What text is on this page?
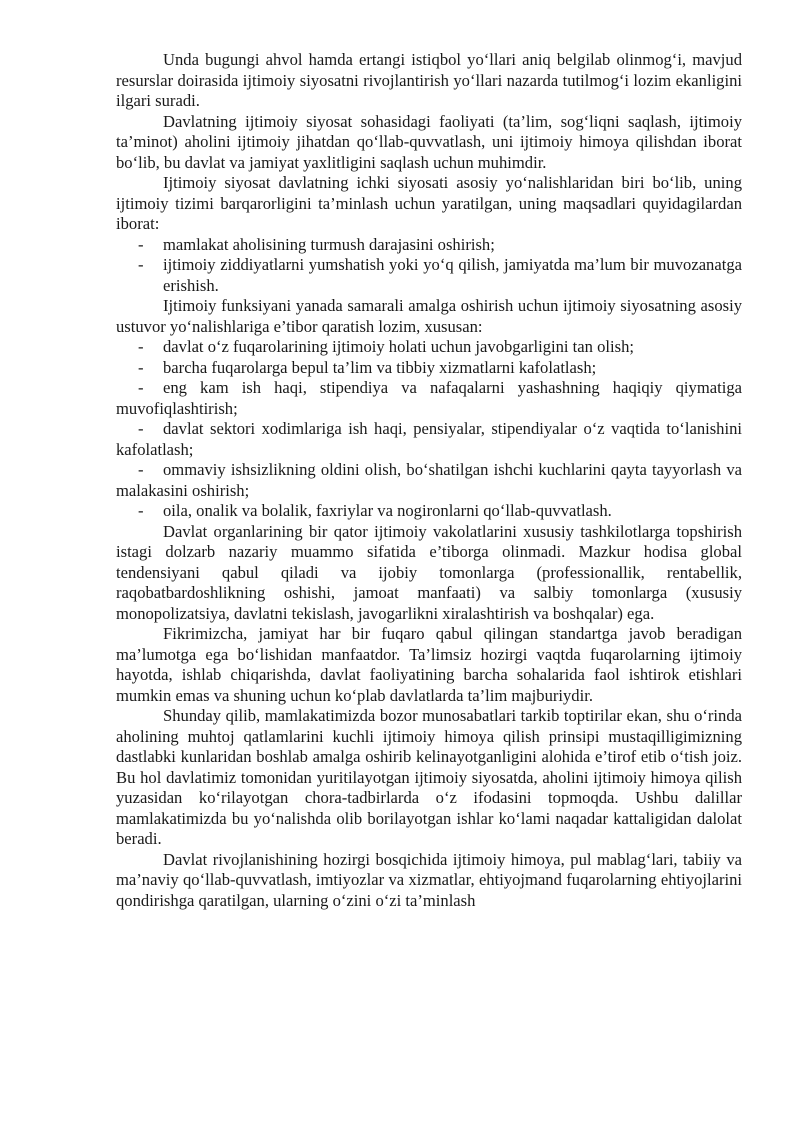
Unda bugungi ahvol hamda ertangi istiqbol yo‘llari aniq belgilab olinmog‘i, mavjud resurslar doirasida ijtimoiy siyosatni rivojlantirish yo‘llari nazarda tutilmog‘i lozim ekanligini ilgari suradi.

Davlatning ijtimoiy siyosat sohasidagi faoliyati (ta’lim, sog‘liqni saqlash, ijtimoiy ta’minot) aholini ijtimoiy jihatdan qo‘llab-quvvatlash, uni ijtimoiy himoya qilishdan iborat bo‘lib, bu davlat va jamiyat yaxlitligini saqlash uchun muhimdir.

Ijtimoiy siyosat davlatning ichki siyosati asosiy yo‘nalishlaridan biri bo‘lib, uning ijtimoiy tizimi barqarorligini ta’minlash uchun yaratilgan, uning maqsadlari quyidagilardan iborat:

- mamlakat aholisining turmush darajasini oshirish;
- ijtimoiy ziddiyatlarni yumshatish yoki yo‘q qilish, jamiyatda ma’lum bir muvozanatga erishish.

Ijtimoiy funksiyani yanada samarali amalga oshirish uchun ijtimoiy siyosatning asosiy ustuvor yo‘nalishlariga e’tibor qaratish lozim, xususan:

- davlat o‘z fuqarolarining ijtimoiy holati uchun javobgarligini tan olish;
- barcha fuqarolarga bepul ta’lim va tibbiy xizmatlarni kafolatlash;

- eng kam ish haqi, stipendiya va nafaqalarni yashashning haqiqiy qiymatiga muvofiqlashtirish;

- davlat sektori xodimlariga ish haqi, pensiyalar, stipendiyalar o‘z vaqtida to‘lanishini kafolatlash;

- ommaviy ishsizlikning oldini olish, bo‘shatilgan ishchi kuchlarini qayta tayyorlash va malakasini oshirish;

- oila, onalik va bolalik, faxriylar va nogironlarni qo‘llab-quvvatlash.

Davlat organlarining bir qator ijtimoiy vakolatlarini xususiy tashkilotlarga topshirish istagi dolzarb nazariy muammo sifatida e’tiborga olinmadi. Mazkur hodisa global tendensiyani qabul qiladi va ijobiy tomonlarga (professionallik, rentabellik, raqobatbardoshlikning oshishi, jamoat manfaati) va salbiy tomonlarga (xususiy monopolizatsiya, davlatni tekislash, javogarlikni xiralashtirish va boshqalar) ega.

Fikrimizcha, jamiyat har bir fuqaro qabul qilingan standartga javob beradigan ma’lumotga ega bo‘lishidan manfaatdor. Ta’limsiz hozirgi vaqtda fuqarolarning ijtimoiy hayotda, ishlab chiqarishda, davlat faoliyatining barcha sohalarida faol ishtirok etishlari mumkin emas va shuning uchun ko‘plab davlatlarda ta’lim majburiydir.

Shunday qilib, mamlakatimizda bozor munosabatlari tarkib toptirilar ekan, shu o‘rinda aholining muhtoj qatlamlarini kuchli ijtimoiy himoya qilish prinsipi mustaqilligimizning dastlabki kunlaridan boshlab amalga oshirib kelinayotganligini alohida e’tirof etib o‘tish joiz. Bu hol davlatimiz tomonidan yuritilayotgan ijtimoiy siyosatda, aholini ijtimoiy himoya qilish yuzasidan ko‘rilayotgan chora-tadbirlarda o‘z ifodasini topmoqda. Ushbu dalillar mamlakatimizda bu yo‘nalishda olib borilayotgan ishlar ko‘lami naqadar kattaligidan dalolat beradi.

Davlat rivojlanishining hozirgi bosqichida ijtimoiy himoya, pul mablag‘lari, tabiiy va ma’naviy qo‘llab-quvvatlash, imtiyozlar va xizmatlar, ehtiyojmand fuqarolarning ehtiyojlarini qondirishga qaratilgan, ularning o‘zini o‘zi ta’minlash
